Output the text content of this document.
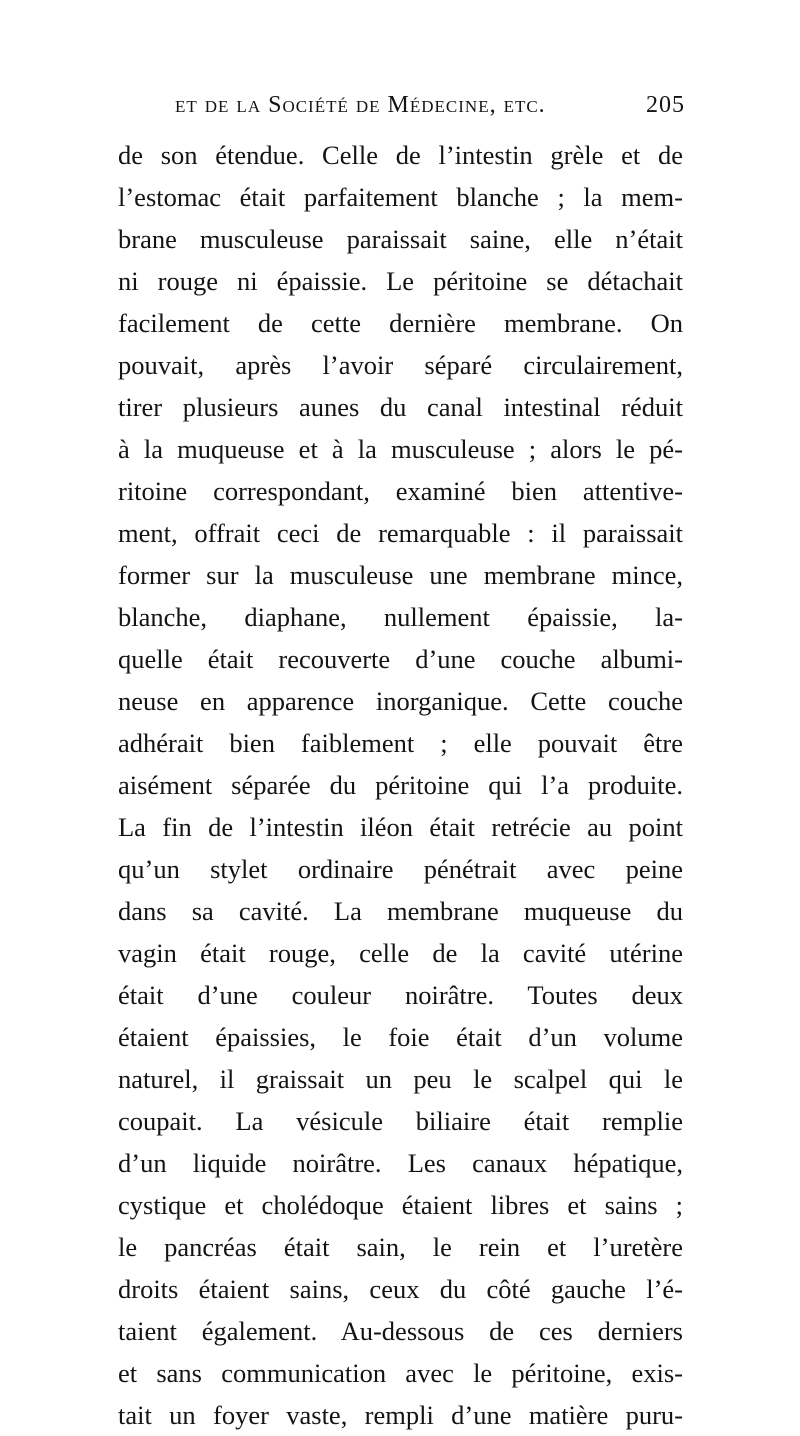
et de la Société de Médecine, etc.	205
de son étendue. Celle de l’intestin grèle et de
l’estomac était parfaitement blanche ; la mem-
brane musculeuse paraissait saine, elle n’était
ni rouge ni épaissie. Le péritoine se détachait
facilement de cette dernière membrane. On
pouvait, après l’avoir séparé circulairement,
tirer plusieurs aunes du canal intestinal réduit
à la muqueuse et à la musculeuse ; alors le pé-
ritoine correspondant, examiné bien attentive-
ment, offrait ceci de remarquable : il paraissait
former sur la musculeuse une membrane mince,
blanche, diaphane, nullement épaissie, la-
quelle était recouverte d’une couche albumi-
neuse en apparence inorganique. Cette couche
adhérait bien faiblement ; elle pouvait être
aisément séparée du péritoine qui l’a produite.
La fin de l’intestin iléon était retrécie au point
qu’un stylet ordinaire pénétrait avec peine
dans sa cavité. La membrane muqueuse du
vagin était rouge, celle de la cavité utérine
était d’une couleur noirâtre. Toutes deux
étaient épaissies, le foie était d’un volume
naturel, il graissait un peu le scalpel qui le
coupait. La vésicule biliaire était remplie
d’un liquide noirâtre. Les canaux hépatique,
cystique et cholédoque étaient libres et sains ;
le pancréas était sain, le rein et l’uretère
droits étaient sains, ceux du côté gauche l’é-
taient également. Au-dessous de ces derniers
et sans communication avec le péritoine, exis-
tait un foyer vaste, rempli d’une matière puru-
